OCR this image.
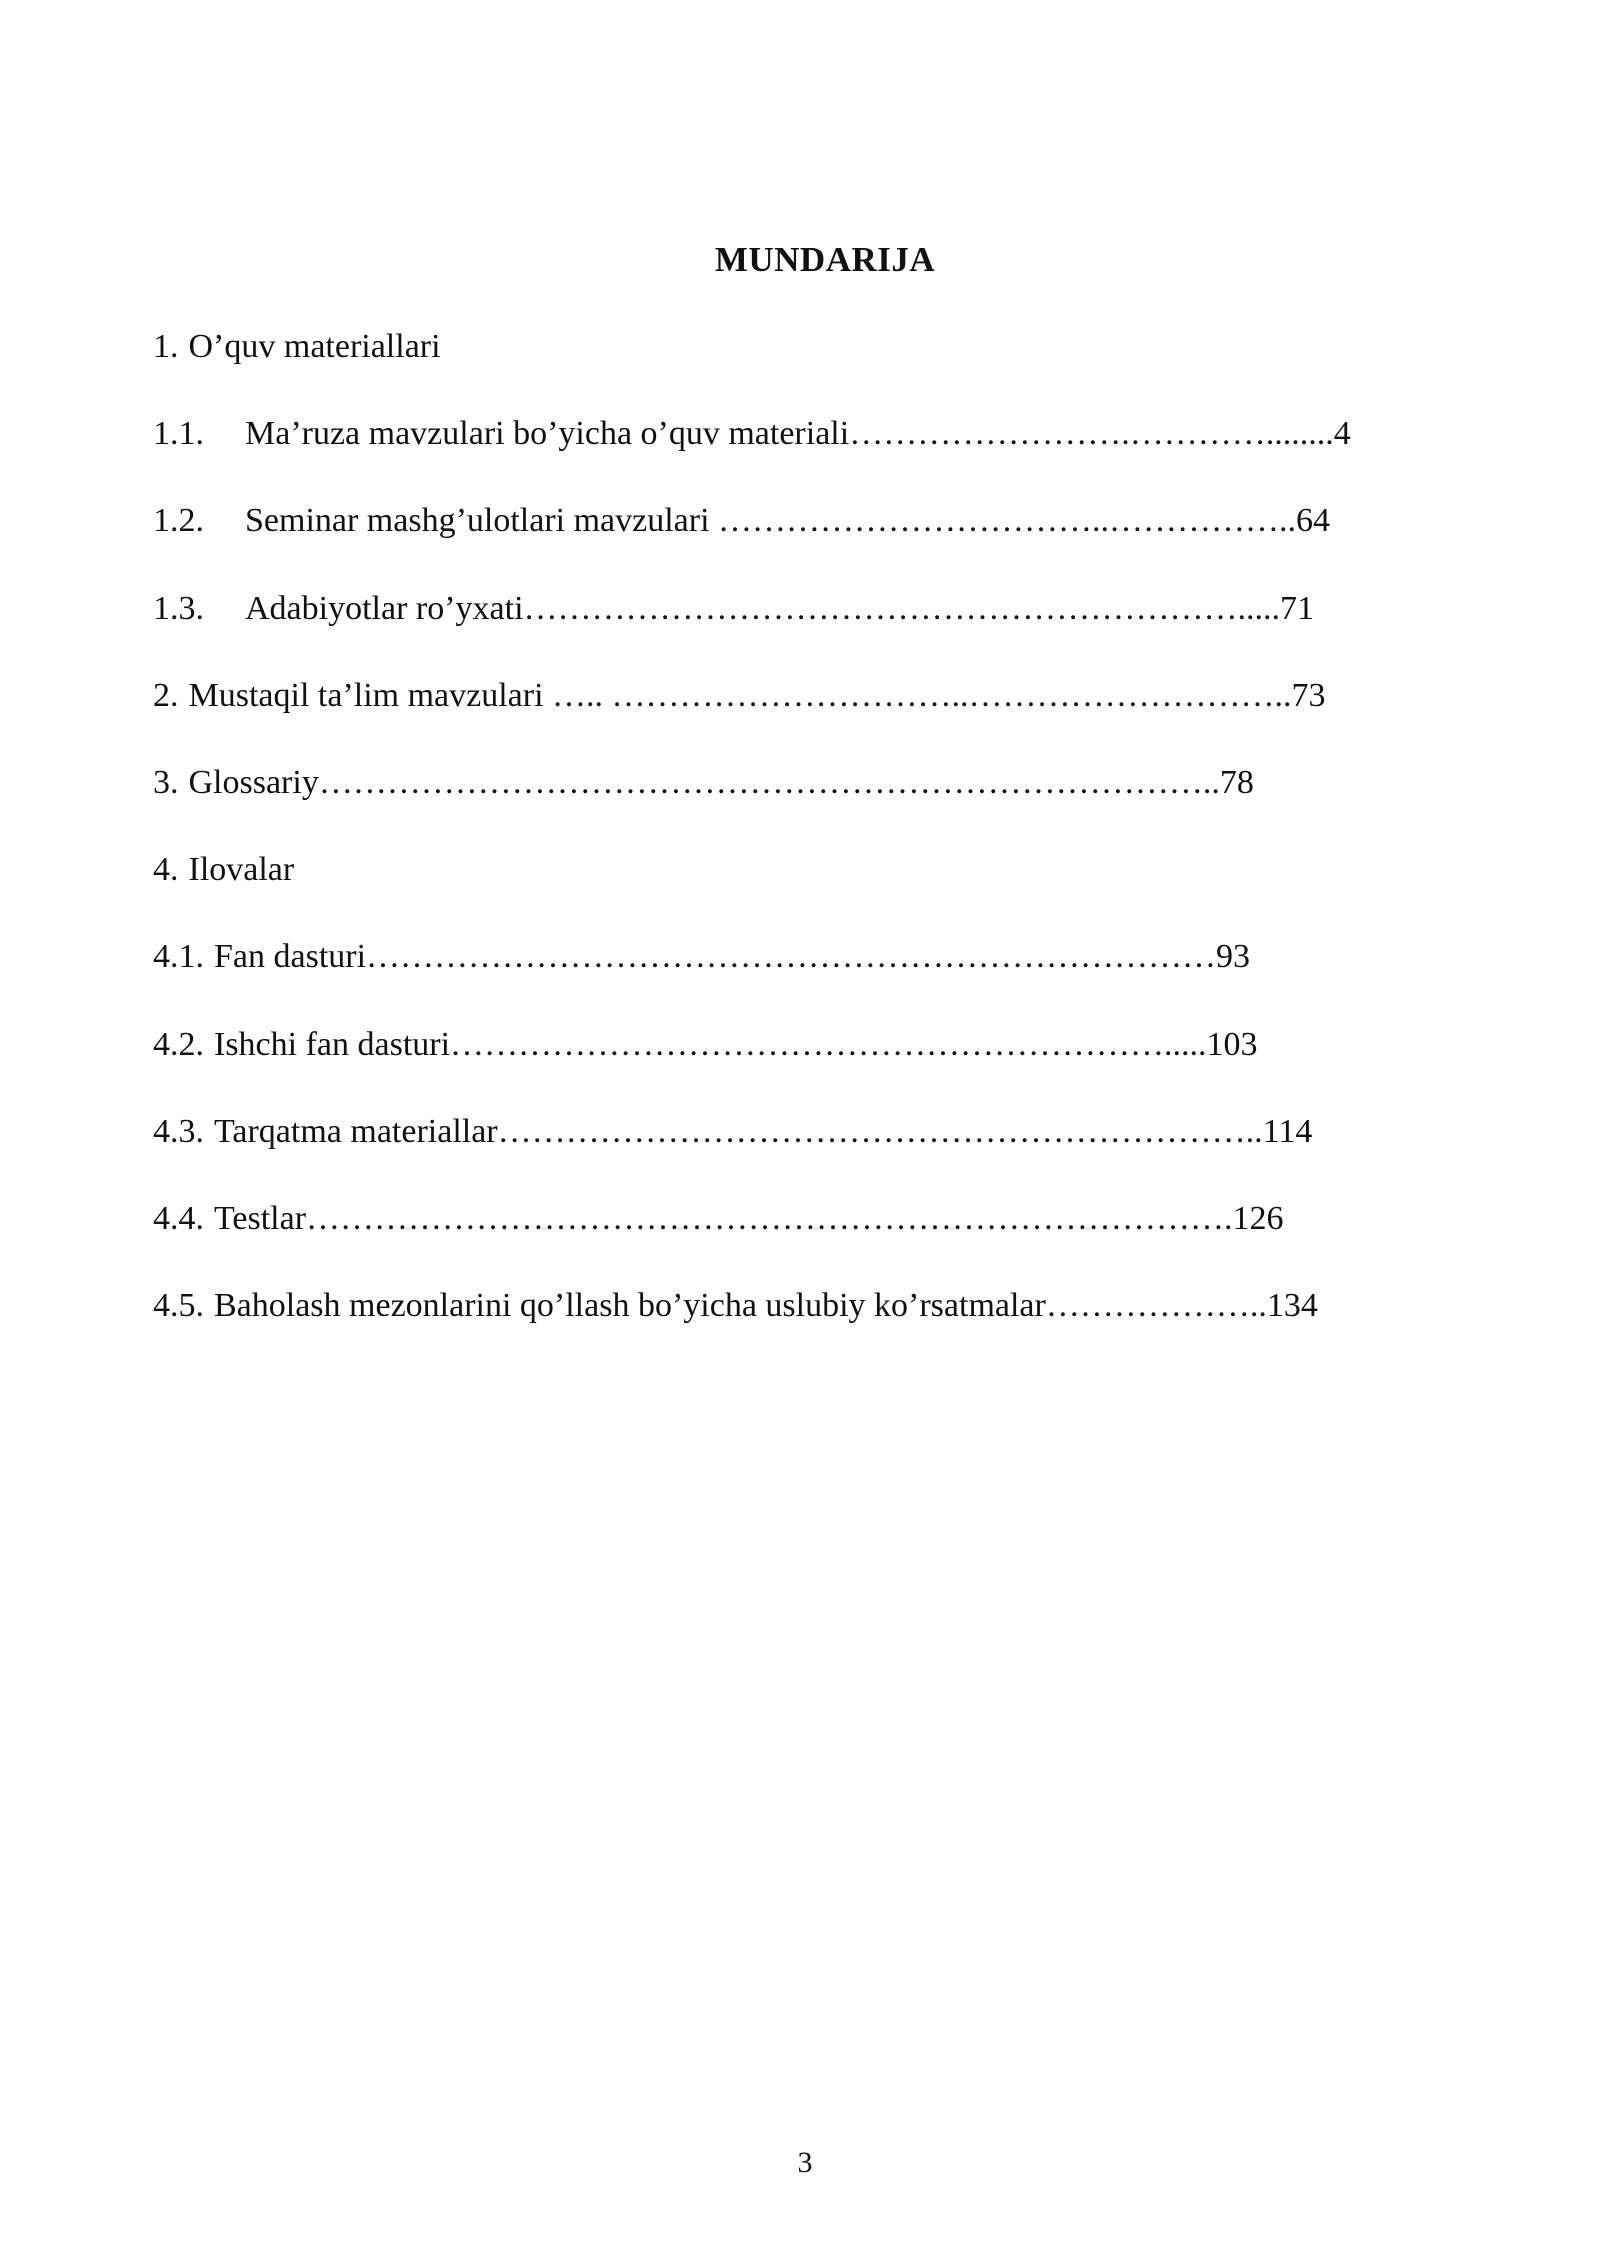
MUNDARIJA
1. O’quv materiallari
1.1. Ma’ruza mavzulari bo’yicha o’quv materiali…………………….…………........4
1.2. Seminar mashg’ulotlari mavzulari ……………………………..……………..64
1.3. Adabiyotlar ro’yxati……………………………………………………….....71
2. Mustaqil ta’lim mavzulari ….. …………………………..………………………..73
3. Glossariy……………………………………………………………………..78
4. Ilovalar
4.1. Fan dasturi…………………………………………………………………93
4.2. Ishchi fan dasturi……………………………………………………….....103
4.3. Tarqatma materiallar…………………………………………………………..114
4.4. Testlar……………………………………………………………………….126
4.5. Baholash mezonlarini qo’llash bo’yicha uslubiy ko’rsatmalar………………..134
3
